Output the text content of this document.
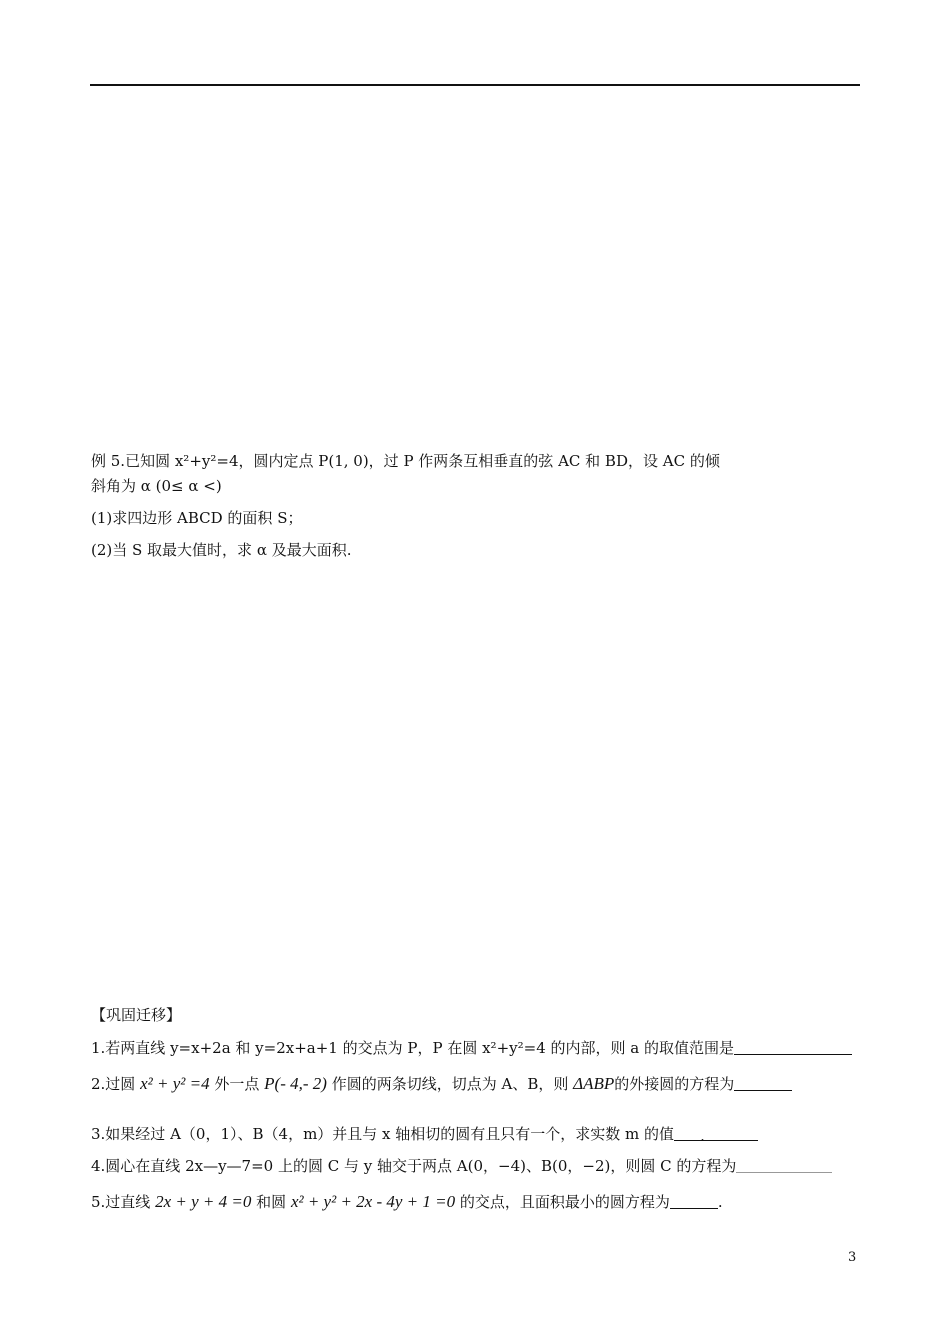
例 5.已知圆 x²+y²=4，圆内定点 P(1, 0)，过 P 作两条互相垂直的弦 AC 和 BD，设 AC 的倾
斜角为 α (0≤ α <)
(1)求四边形 ABCD 的面积 S；
(2)当 S 取最大值时，求 α 及最大面积.
【巩固迁移】
1.若两直线 y=x+2a 和 y=2x+a+1 的交点为 P，P 在圆 x²+y²=4 的内部，则 a 的取值范围是
2.过圆 x² + y² =4 外一点 P(- 4,- 2) 作圆的两条切线，切点为 A、B，则 ΔABP的外接圆的方程为
3.如果经过 A（0，1）、B（4，m）并且与 x 轴相切的圆有且只有一个，求实数 m 的值 .
4.圆心在直线 2x—y—7=0 上的圆 C 与 y 轴交于两点 A(0，−4)、B(0，−2)，则圆 C 的方程为
5.过直线 2x + y + 4 =0 和圆 x² + y² + 2x - 4y + 1 =0 的交点，且面积最小的圆方程为	.
3
